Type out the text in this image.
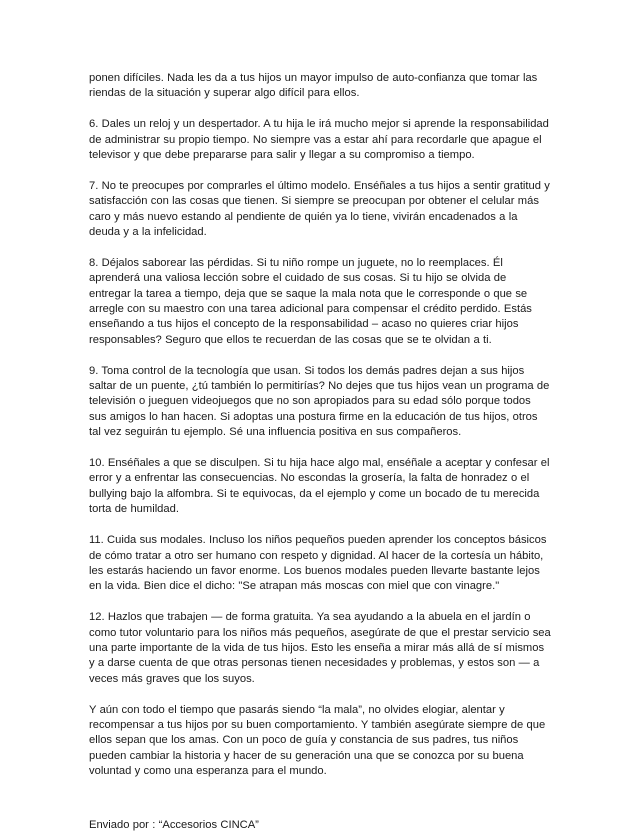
ponen difíciles. Nada les da a tus hijos un mayor impulso de auto-confianza que tomar las riendas de la situación y superar algo difícil para ellos.

6. Dales un reloj y un despertador. A tu hija le irá mucho mejor si aprende la responsabilidad de administrar su propio tiempo. No siempre vas a estar ahí para recordarle que apague el televisor y que debe prepararse para salir y llegar a su compromiso a tiempo.

7. No te preocupes por comprarles el último modelo. Enséñales a tus hijos a sentir gratitud y satisfacción con las cosas que tienen. Si siempre se preocupan por obtener el celular más caro y más nuevo estando al pendiente de quién ya lo tiene, vivirán encadenados a la deuda y a la infelicidad.

8. Déjalos saborear las pérdidas. Si tu niño rompe un juguete, no lo reemplaces. Él aprenderá una valiosa lección sobre el cuidado de sus cosas. Si tu hijo se olvida de entregar la tarea a tiempo, deja que se saque la mala nota que le corresponde o que se arregle con su maestro con una tarea adicional para compensar el crédito perdido. Estás enseñando a tus hijos el concepto de la responsabilidad – acaso no quieres criar hijos responsables? Seguro que ellos te recuerdan de las cosas que se te olvidan a ti.

9. Toma control de la tecnología que usan. Si todos los demás padres dejan a sus hijos saltar de un puente, ¿tú también lo permitirías? No dejes que tus hijos vean un programa de televisión o jueguen videojuegos que no son apropiados para su edad sólo porque todos sus amigos lo han hacen. Si adoptas una postura firme en la educación de tus hijos, otros tal vez seguirán tu ejemplo. Sé una influencia positiva en sus compañeros.

10. Enséñales a que se disculpen. Si tu hija hace algo mal, enséñale a aceptar y confesar el error y a enfrentar las consecuencias. No escondas la grosería, la falta de honradez o el bullying bajo la alfombra. Si te equivocas, da el ejemplo y come un bocado de tu merecida torta de humildad.

11. Cuida sus modales. Incluso los niños pequeños pueden aprender los conceptos básicos de cómo tratar a otro ser humano con respeto y dignidad. Al hacer de la cortesía un hábito, les estarás haciendo un favor enorme. Los buenos modales pueden llevarte bastante lejos en la vida. Bien dice el dicho: "Se atrapan más moscas con miel que con vinagre."

12. Hazlos que trabajen — de forma gratuita. Ya sea ayudando a la abuela en el jardín o como tutor voluntario para los niños más pequeños, asegúrate de que el prestar servicio sea una parte importante de la vida de tus hijos. Esto les enseña a mirar más allá de sí mismos y a darse cuenta de que otras personas tienen necesidades y problemas, y estos son — a veces más graves que los suyos.

Y aún con todo el tiempo que pasarás siendo “la mala”, no olvides elogiar, alentar y recompensar a tus hijos por su buen comportamiento. Y también asegúrate siempre de que ellos sepan que los amas. Con un poco de guía y constancia de sus padres, tus niños pueden cambiar la historia y hacer de su generación una que se conozca por su buena voluntad y como una esperanza para el mundo.

Enviado por : “Accesorios CINCA”
